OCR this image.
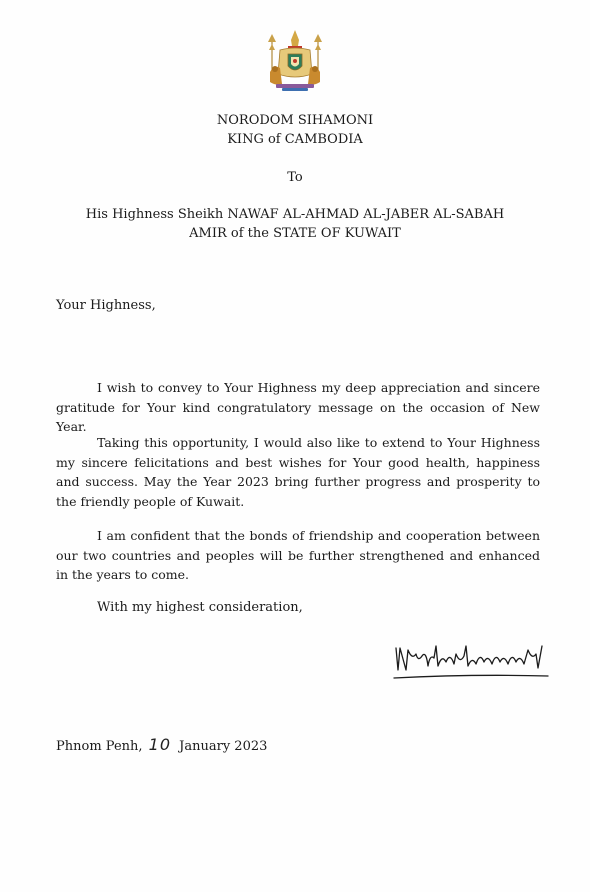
NORODOM SIHAMONI
KING of CAMBODIA
To
His Highness Sheikh NAWAF AL-AHMAD AL-JABER AL-SABAH
AMIR of the STATE OF KUWAIT
Your Highness,

I wish to convey to Your Highness my deep appreciation and sincere gratitude for Your kind congratulatory message on the occasion of New Year.

Taking this opportunity, I would also like to extend to Your Highness my sincere felicitations and best wishes for Your good health, happiness and success. May the Year 2023 bring further progress and prosperity to the friendly people of Kuwait.

I am confident that the bonds of friendship and cooperation between our two countries and peoples will be further strengthened and enhanced in the years to come.

With my highest consideration,
Phnom Penh, 10 January 2023
